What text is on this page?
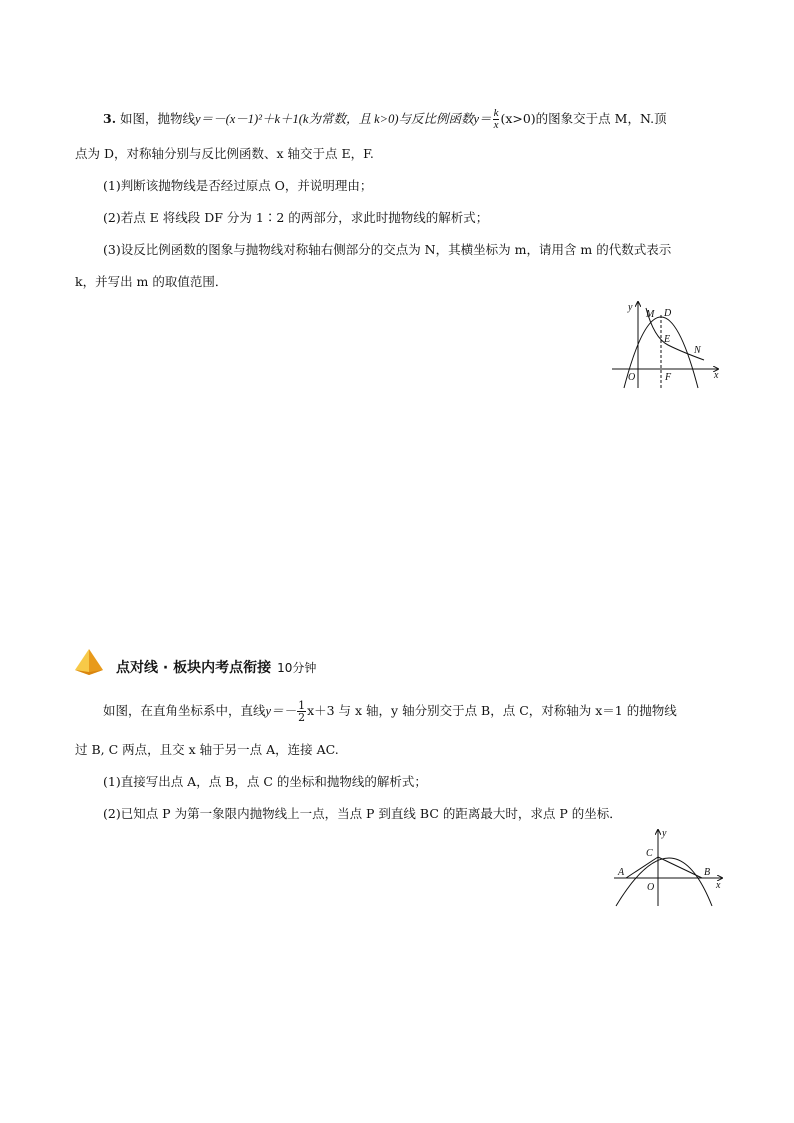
3. 如图，抛物线y＝－(x－1)²＋k＋1(k为常数，且 k>0)与反比例函数$y= \frac{k}{x} (x>0)$的图象交于点 M，N.顶
点为 D，对称轴分别与反比例函数、x 轴交于点 E，F.
(1)判断该抛物线是否经过原点 O，并说明理由；
(2)若点 E 将线段 DF 分为 1∶2 的两部分，求此时抛物线的解析式；
(3)设反比例函数的图象与抛物线对称轴右侧部分的交点为 N，其横坐标为 m，请用含 m 的代数式表示
k，并写出 m 的取值范围．
y
M D
E
N
O	F	x
点对线 · 板块内考点衔接 10分钟
如图，在直角坐标系中，直线$y=- \frac{1}{2} x+3$ 与 x 轴，y 轴分别交于点 B，点 C，对称轴为 x＝1 的抛物线
过 B, C 两点，且交 x 轴于另一点 A，连接 AC.
(1)直接写出点 A，点 B，点 C 的坐标和抛物线的解析式；
(2)已知点 P 为第一象限内抛物线上一点，当点 P 到直线 BC 的距离最大时，求点 P 的坐标．
y
C
A	B
O	x
